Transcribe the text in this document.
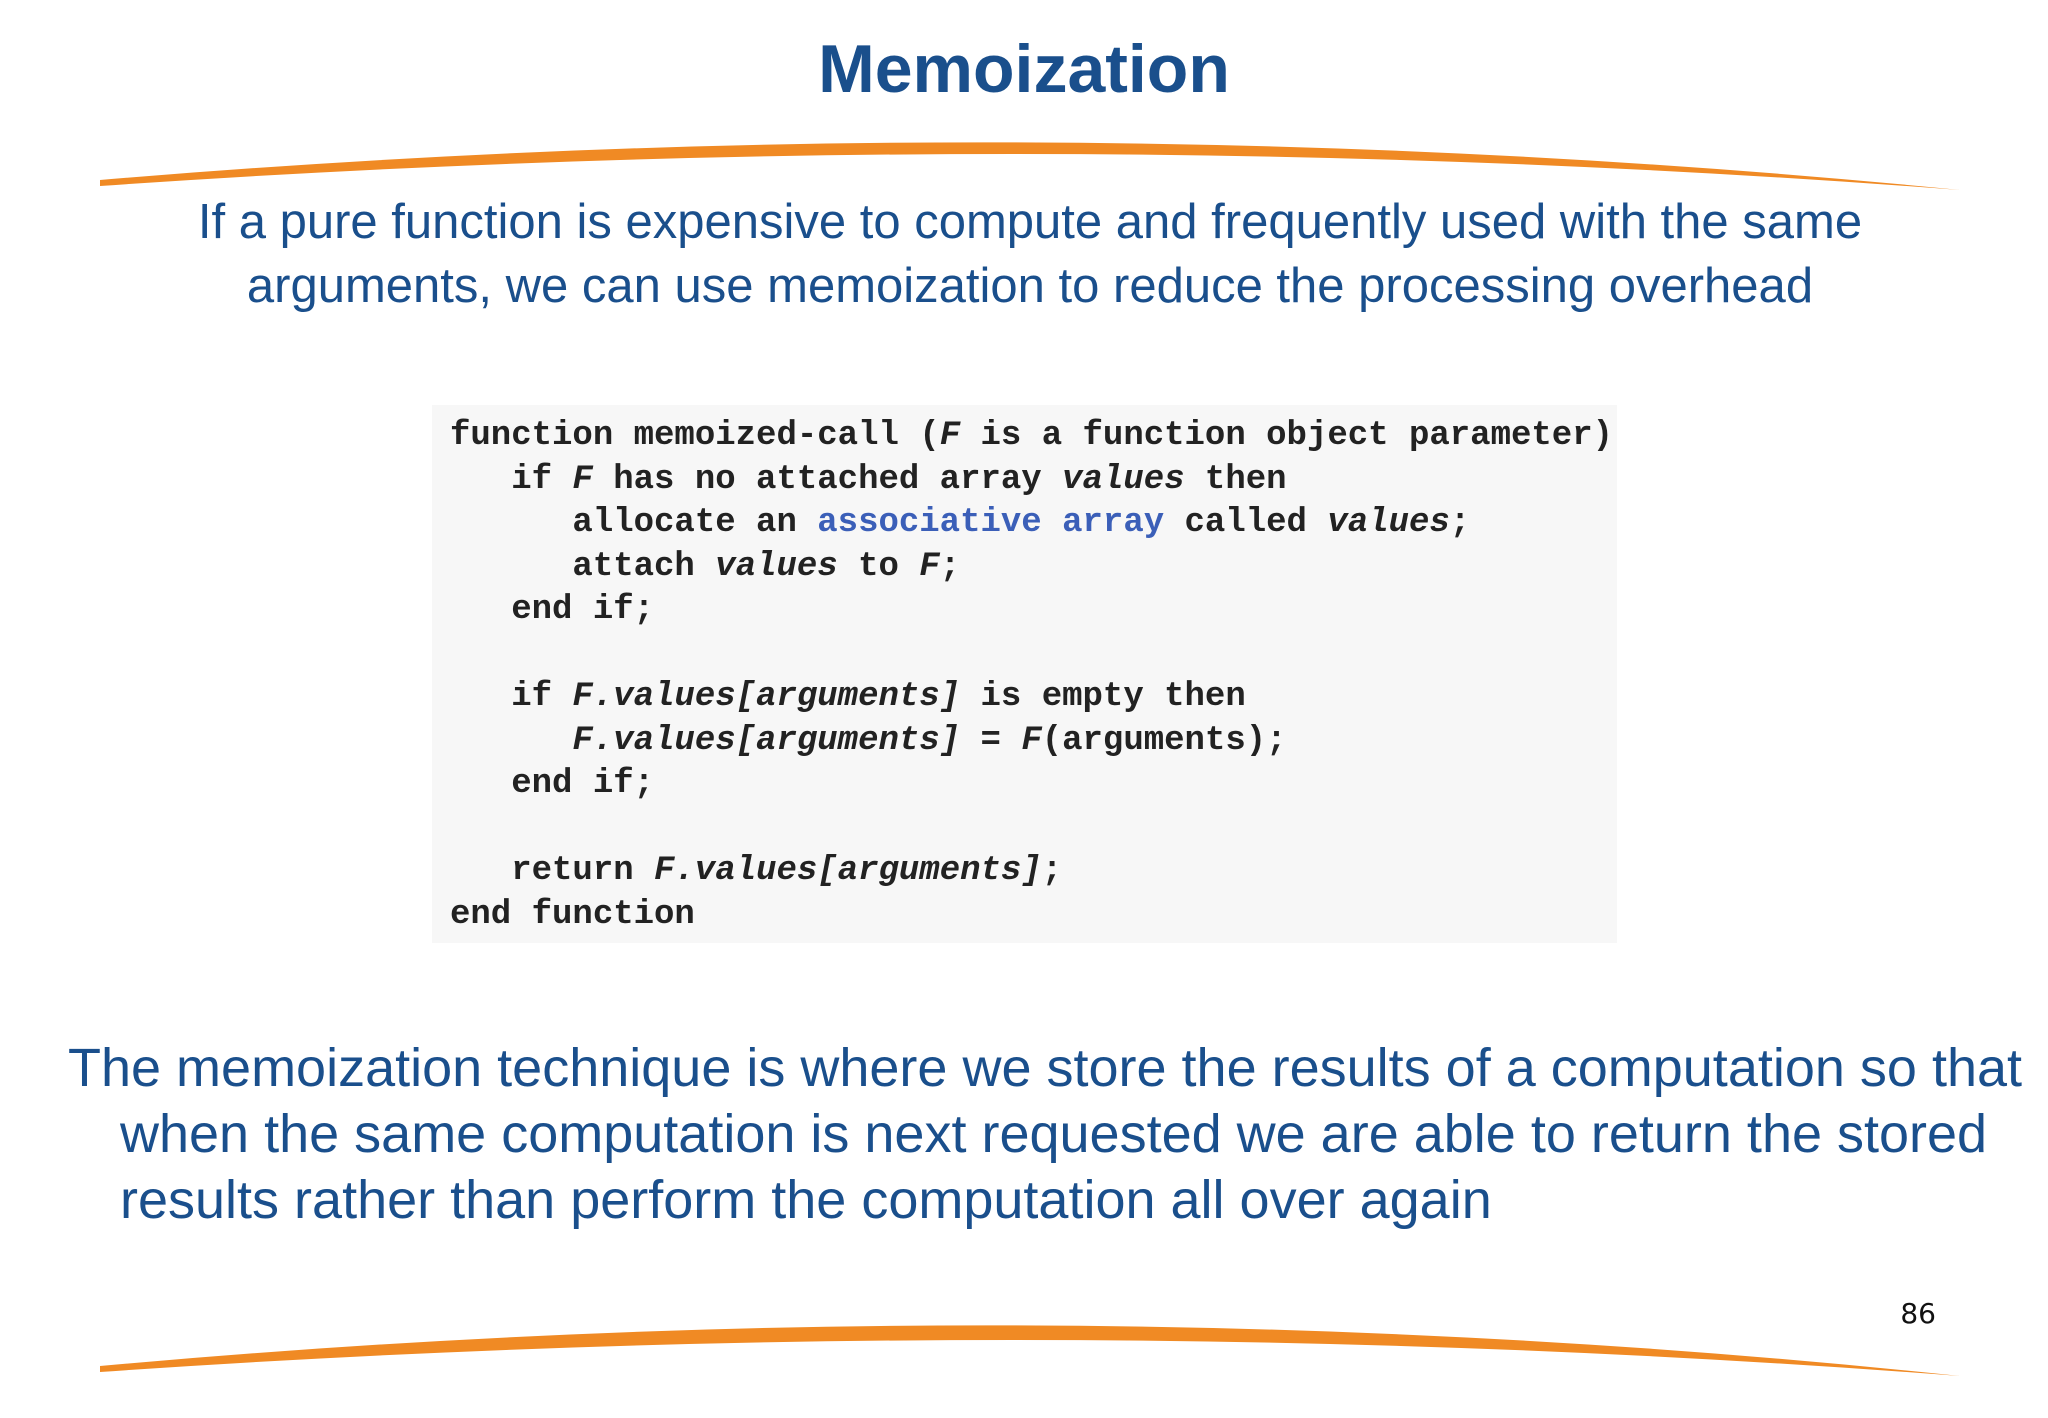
Memoization

If a pure function is expensive to compute and frequently used with the same arguments, we can use memoization to reduce the processing overhead

function memoized-call (F is a function object parameter)
if F has no attached array values then
allocate an associative array called values;
attach values to F;
end if;
if F.values[arguments] is empty then
F.values[arguments] = F(arguments);
end if;
return F.values[arguments];
end function

The memoization technique is where we store the results of a computation so that when the same computation is next requested we are able to return the stored results rather than perform the computation all over again

86
